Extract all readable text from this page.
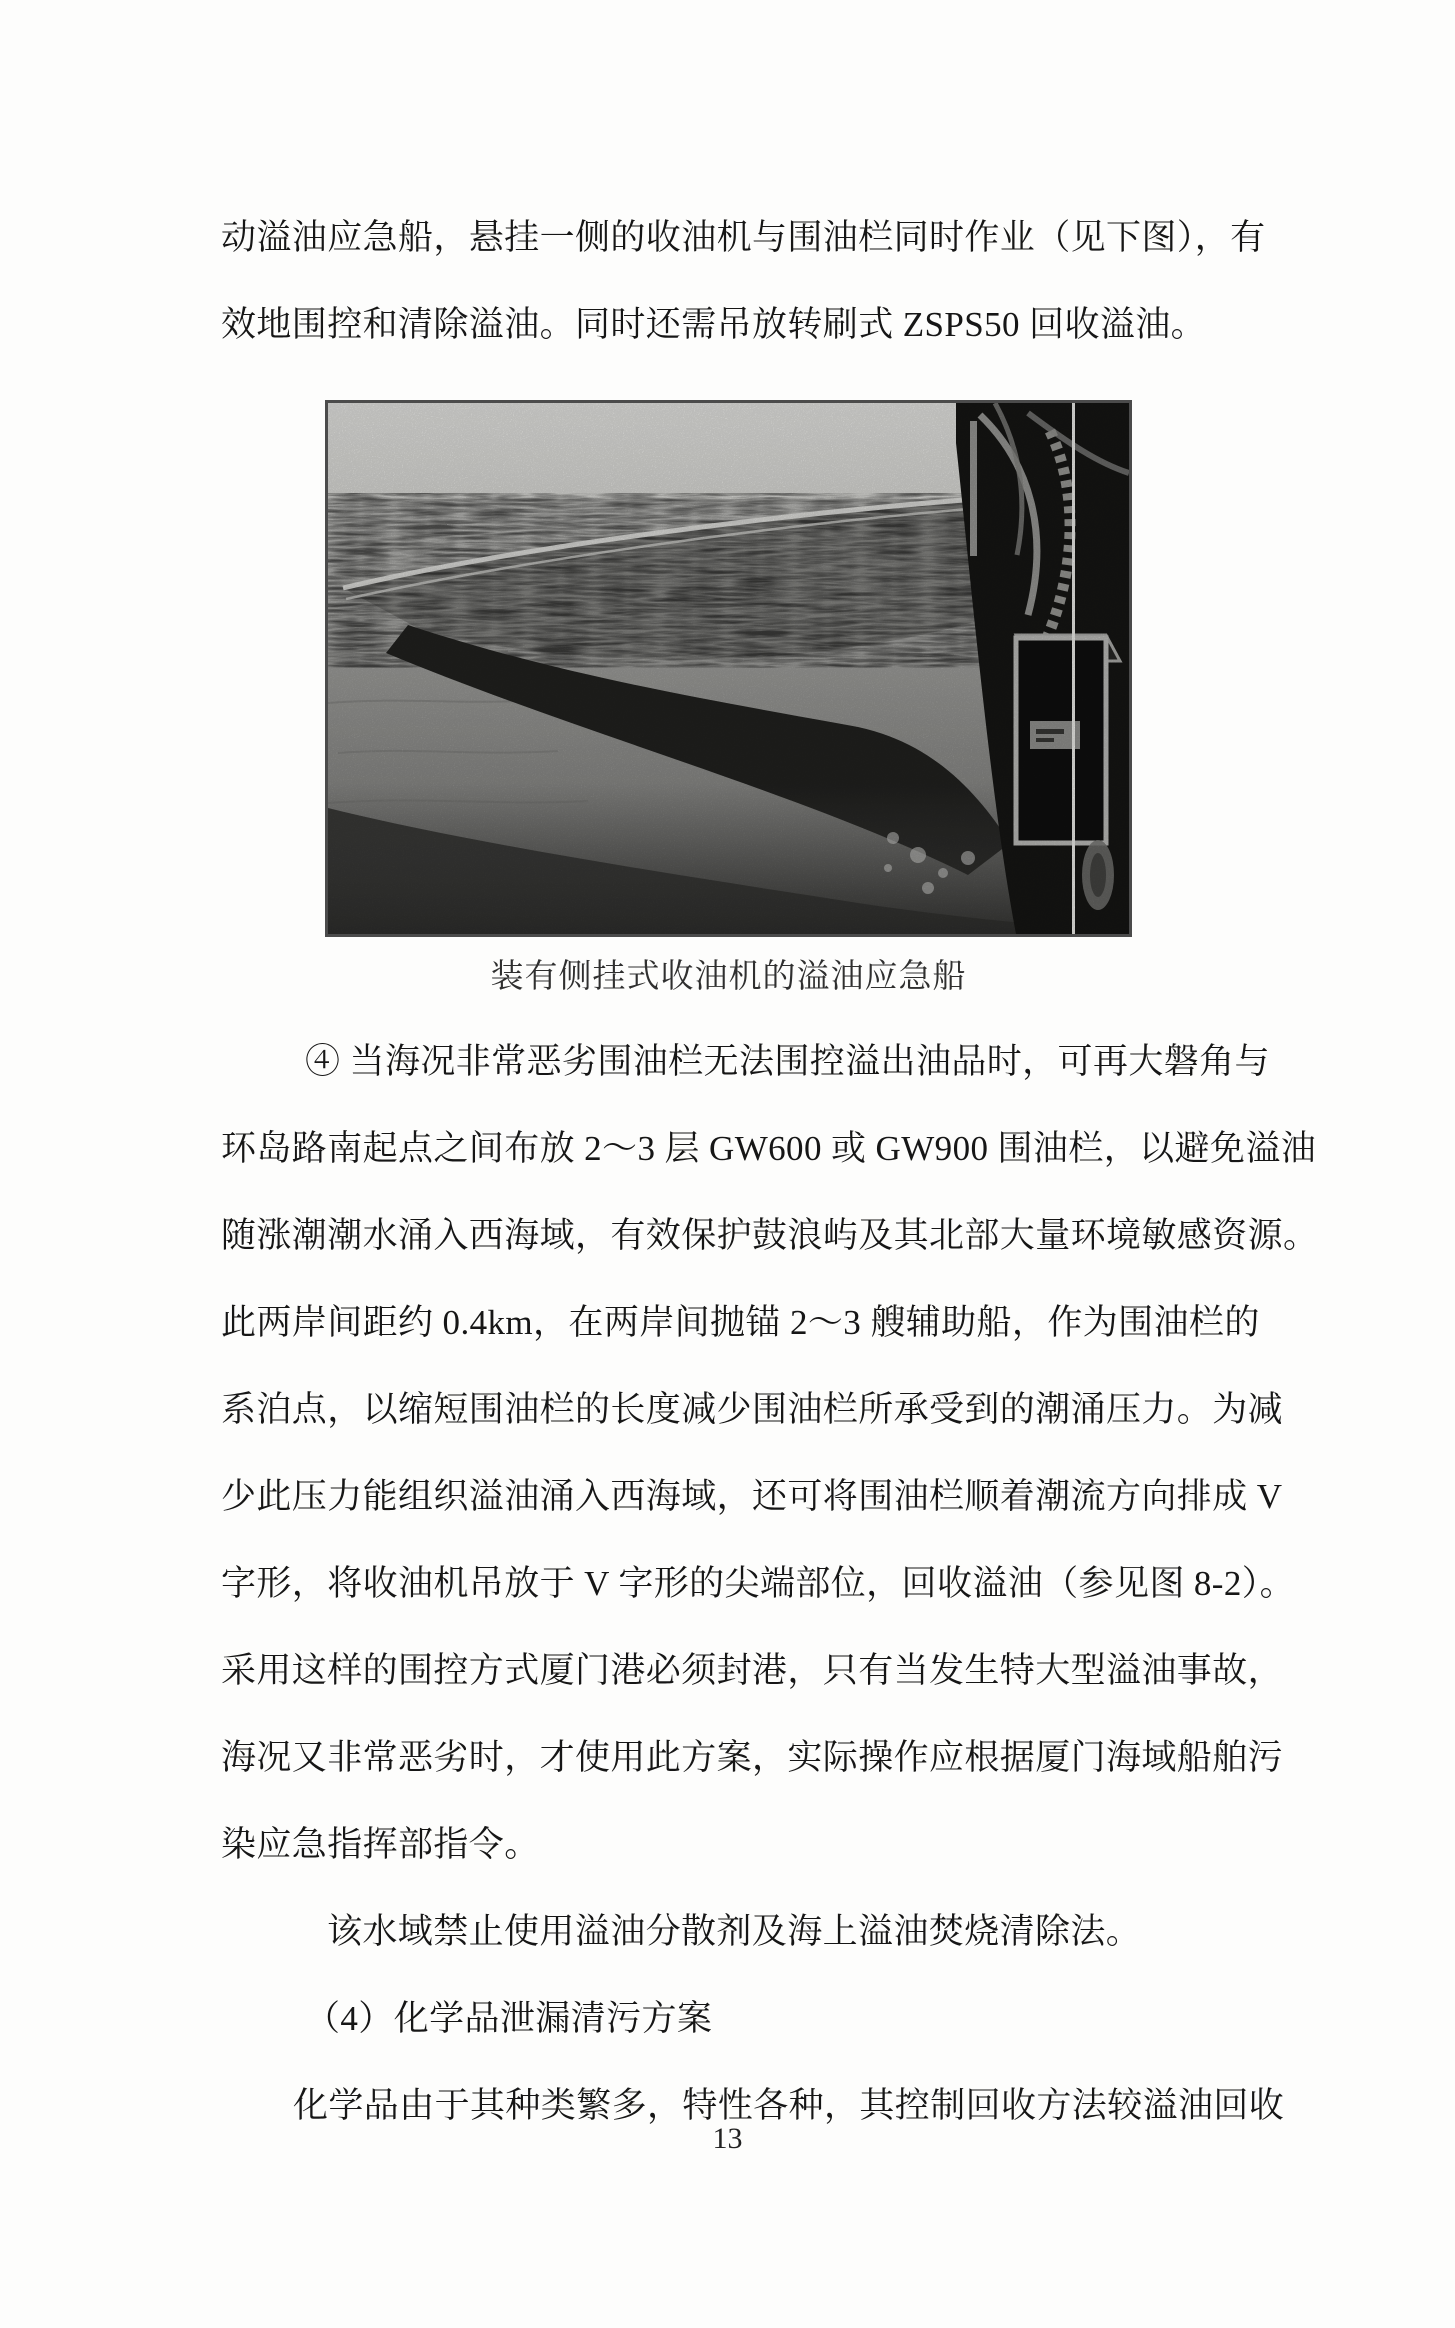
动溢油应急船，悬挂一侧的收油机与围油栏同时作业（见下图），有
效地围控和清除溢油。同时还需吊放转刷式 ZSPS50 回收溢油。
装有侧挂式收油机的溢油应急船
④ 当海况非常恶劣围油栏无法围控溢出油品时，可再大磐角与
环岛路南起点之间布放 2～3 层 GW600 或 GW900 围油栏，以避免溢油
随涨潮潮水涌入西海域，有效保护鼓浪屿及其北部大量环境敏感资源。
此两岸间距约 0.4km，在两岸间抛锚 2～3 艘辅助船，作为围油栏的
系泊点，以缩短围油栏的长度减少围油栏所承受到的潮涌压力。为减
少此压力能组织溢油涌入西海域，还可将围油栏顺着潮流方向排成 V
字形，将收油机吊放于 V 字形的尖端部位，回收溢油（参见图 8-2）。
采用这样的围控方式厦门港必须封港，只有当发生特大型溢油事故，
海况又非常恶劣时，才使用此方案，实际操作应根据厦门海域船舶污
染应急指挥部指令。
该水域禁止使用溢油分散剂及海上溢油焚烧清除法。
（4）化学品泄漏清污方案
化学品由于其种类繁多，特性各种，其控制回收方法较溢油回收
13
